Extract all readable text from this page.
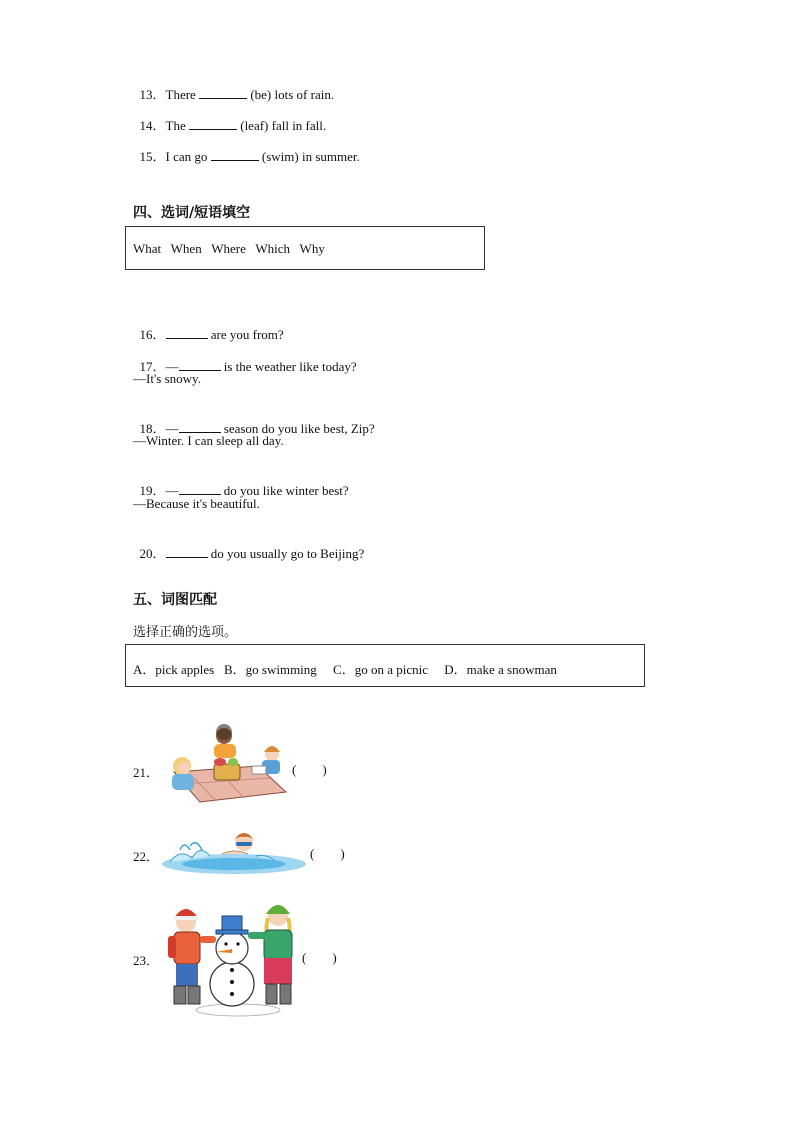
13．There	(be) lots of rain.

14．The	(leaf) fall in fall.

15．I can go	(swim) in summer.

四、选词/短语填空
What   When   Where   Which   Why

16．	are you from?

17．—	is the weather like today?

—It's snowy.

18．—	season do you like best, Zip?

—Winter. I can sleep all day.

19．—	do you like winter best?

—Because it's beautiful.

20．	do you usually go to Beijing?

五、词图匹配
选择正确的选项。
A．pick apples   B．go swimming     C．go on a picnic     D．make a snowman
21．	(        )
22．	(        )
23．	(        )
